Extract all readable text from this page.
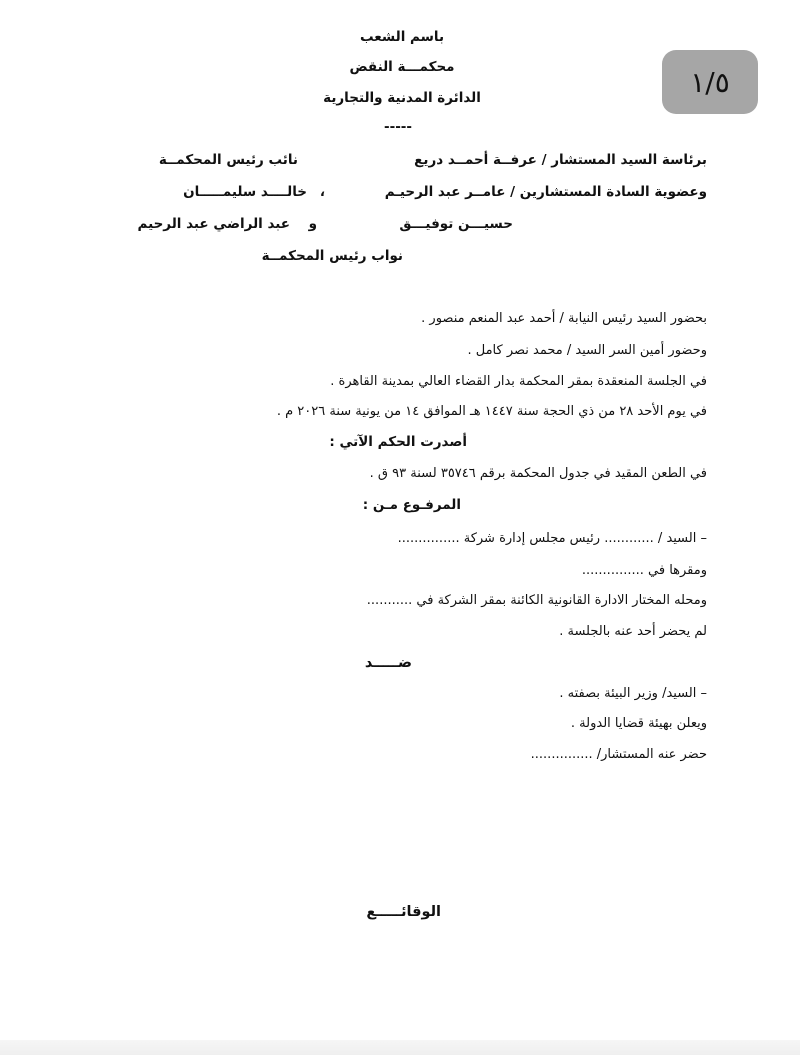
١/٥
باسم الشعب
محكمـــة النقض
الدائرة المدنية والتجارية
-----
برئاسة السيد المستشار / عرفــة أحمــد دريع
نائب رئيس المحكمــة
وعضوية السادة المستشارين / عامــر عبد الرحيـم
،
خالــــد سليمـــــان
حسيـــن توفيـــق
و
عبد الراضي عبد الرحيم
نواب رئيس المحكمــة
بحضور السيد رئيس النيابة / أحمد عبد المنعم منصور .
وحضور أمين السر السيد / محمد نصر كامل .
في الجلسة المنعقدة بمقر المحكمة بدار القضاء العالي بمدينة القاهرة .
في يوم الأحد ٢٨ من ذي الحجة سنة ١٤٤٧ هـ الموافق ١٤ من يونية سنة ٢٠٢٦ م .
أصدرت الحكم الآتي :
في الطعن المقيد في جدول المحكمة برقم ٣٥٧٤٦ لسنة ٩٣ ق .
المرفـوع مـن :
– السيد / ............ رئيس مجلس إدارة شركة ...............
ومقرها في ...............
ومحله المختار الادارة القانونية الكائنة بمقر الشركة في ...........
لم يحضر أحد عنه بالجلسة .
ضـــــد
– السيد/ وزير البيئة بصفته .
ويعلن بهيئة قضايا الدولة .
حضر عنه المستشار/ ...............
الوقائـــــع
